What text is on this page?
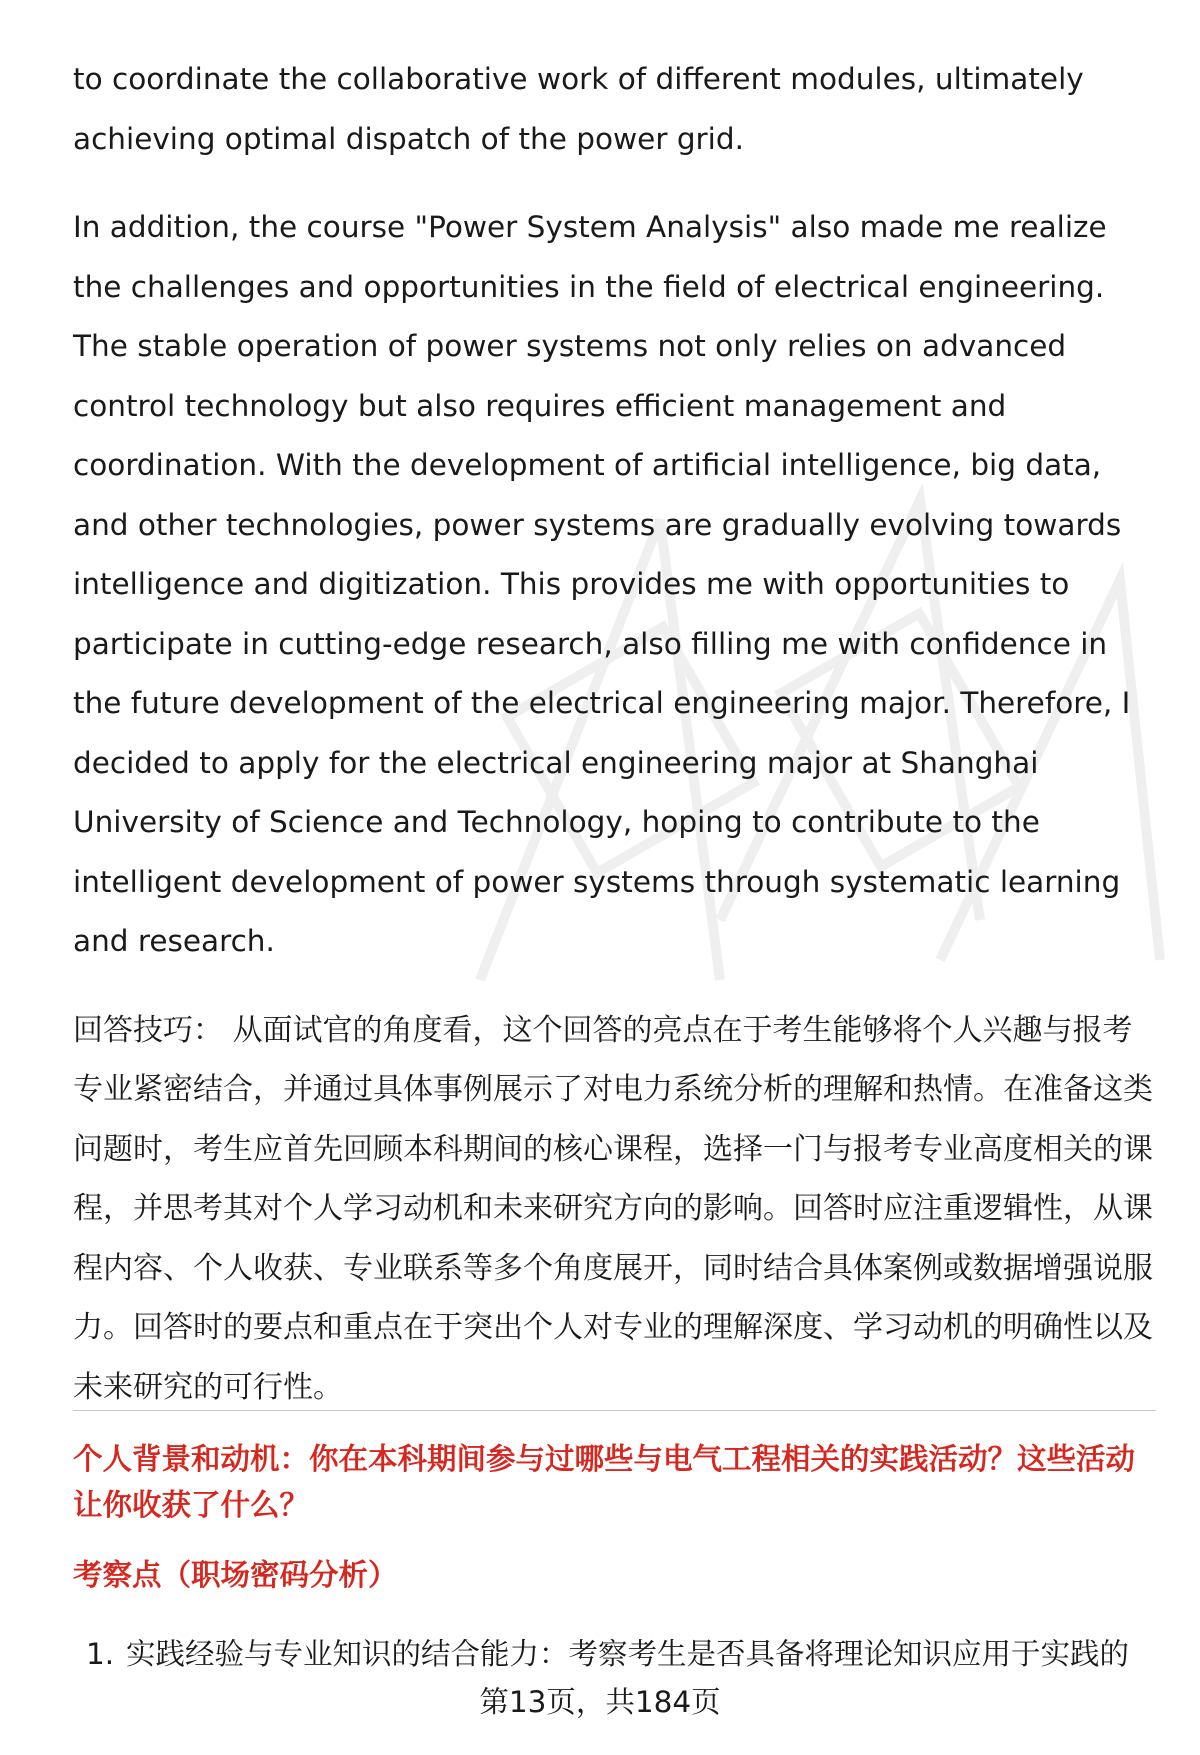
to coordinate the collaborative work of different modules, ultimately achieving optimal dispatch of the power grid.

In addition, the course "Power System Analysis" also made me realize the challenges and opportunities in the field of electrical engineering. The stable operation of power systems not only relies on advanced control technology but also requires efficient management and coordination. With the development of artificial intelligence, big data, and other technologies, power systems are gradually evolving towards intelligence and digitization. This provides me with opportunities to participate in cutting-edge research, also filling me with confidence in the future development of the electrical engineering major. Therefore, I decided to apply for the electrical engineering major at Shanghai University of Science and Technology, hoping to contribute to the intelligent development of power systems through systematic learning and research.

回答技巧： 从面试官的角度看，这个回答的亮点在于考生能够将个人兴趣与报考专业紧密结合，并通过具体事例展示了对电力系统分析的理解和热情。在准备这类问题时，考生应首先回顾本科期间的核心课程，选择一门与报考专业高度相关的课程，并思考其对个人学习动机和未来研究方向的影响。回答时应注重逻辑性，从课程内容、个人收获、专业联系等多个角度展开，同时结合具体案例或数据增强说服力。回答时的要点和重点在于突出个人对专业的理解深度、学习动机的明确性以及未来研究的可行性。

个人背景和动机：你在本科期间参与过哪些与电气工程相关的实践活动？这些活动让你收获了什么？
考察点（职场密码分析）
1. 实践经验与专业知识的结合能力：考察考生是否具备将理论知识应用于实践的
第13页，共184页
